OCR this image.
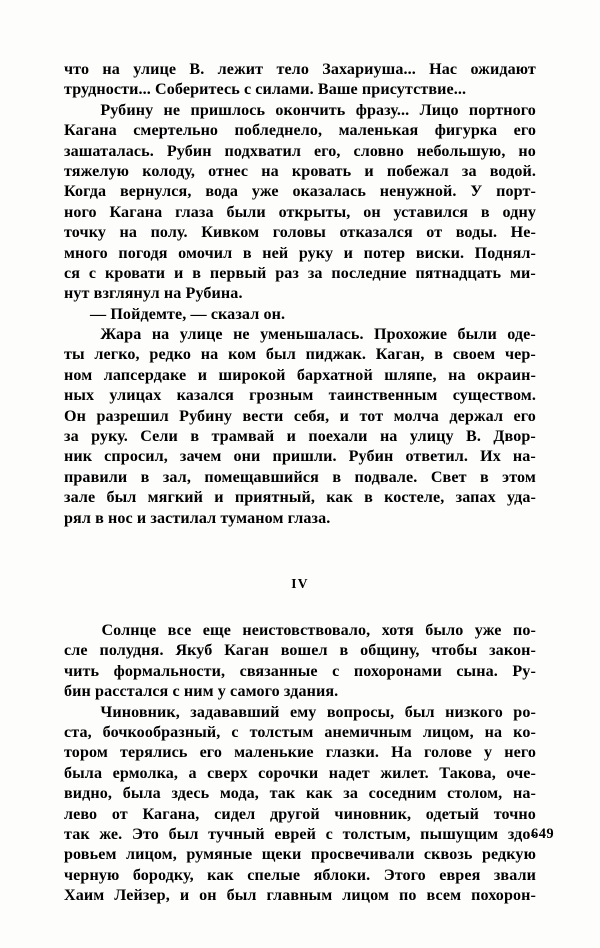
что на улице В. лежит тело Захариуша... Нас ожидают
трудности... Соберитесь с силами. Ваше присутствие...
Рубину не пришлось окончить фразу... Лицо портного
Кагана смертельно побледнело, маленькая фигурка его
зашаталась. Рубин подхватил его, словно небольшую, но
тяжелую колоду, отнес на кровать и побежал за водой.
Когда вернулся, вода уже оказалась ненужной. У порт-
ного Кагана глаза были открыты, он уставился в одну
точку на полу. Кивком головы отказался от воды. Не-
много погодя омочил в ней руку и потер виски. Поднял-
ся с кровати и в первый раз за последние пятнадцать ми-
нут взглянул на Рубина.
— Пойдемте, — сказал он.
Жара на улице не уменьшалась. Прохожие были оде-
ты легко, редко на ком был пиджак. Каган, в своем чер-
ном лапсердаке и широкой бархатной шляпе, на окраин-
ных улицах казался грозным таинственным существом.
Он разрешил Рубину вести себя, и тот молча держал его
за руку. Сели в трамвай и поехали на улицу В. Двор-
ник спросил, зачем они пришли. Рубин ответил. Их на-
правили в зал, помещавшийся в подвале. Свет в этом
зале был мягкий и приятный, как в костеле, запах уда-
рял в нос и застилал туманом глаза.
IV
Солнце все еще неистовствовало, хотя было уже по-
сле полудня. Якуб Каган вошел в общину, чтобы закон-
чить формальности, связанные с похоронами сына. Ру-
бин расстался с ним у самого здания.
Чиновник, задававший ему вопросы, был низкого ро-
ста, бочкообразный, с толстым анемичным лицом, на ко-
тором терялись его маленькие глазки. На голове у него
была ермолка, а сверх сорочки надет жилет. Такова, оче-
видно, была здесь мода, так как за соседним столом, на-
лево от Кагана, сидел другой чиновник, одетый точно
так же. Это был тучный еврей с толстым, пышущим здо-
ровьем лицом, румяные щеки просвечивали сквозь редкую
черную бородку, как спелые яблоки. Этого еврея звали
Хаим Лейзер, и он был главным лицом по всем похорон-
649
